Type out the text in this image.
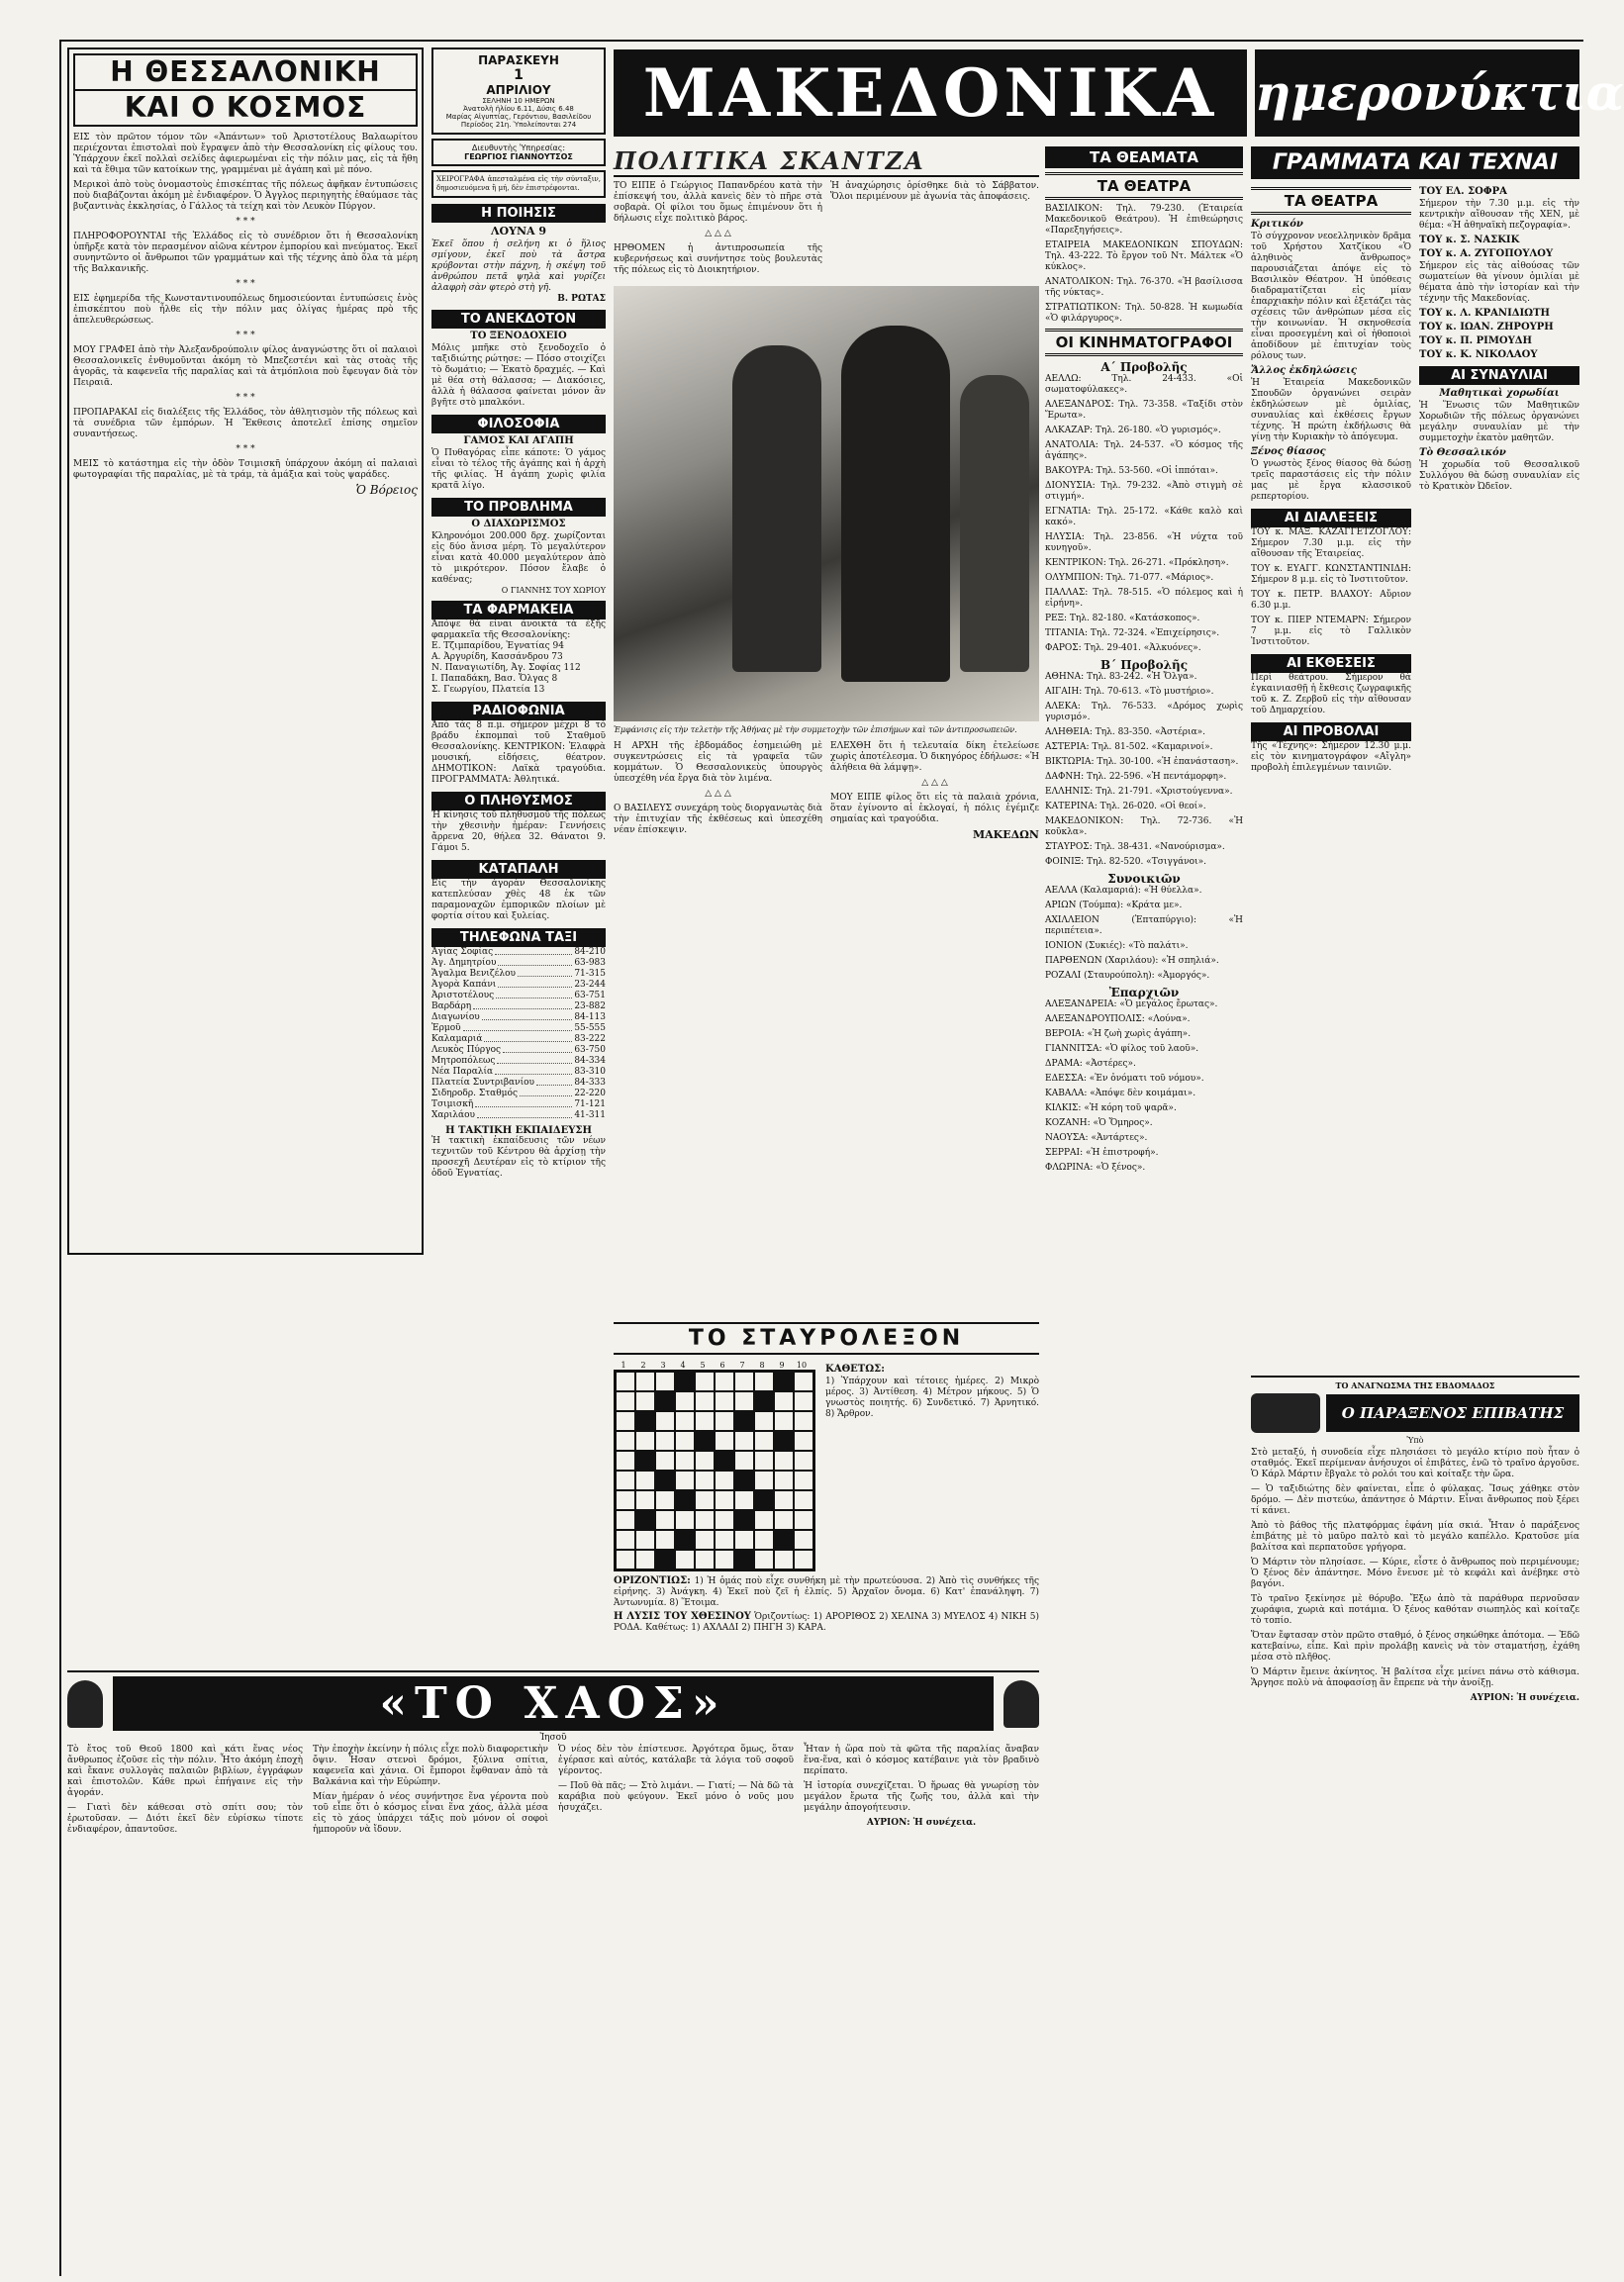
Η ΘΕΣΣΑΛΟΝΙΚΗ
ΚΑΙ Ο ΚΟΣΜΟΣ

ΕΙΣ τὸν πρῶτον τόμον τῶν «Ἀπάντων» τοῦ Ἀριστοτέλους Βαλαωρίτου περιέχονται ἐπιστολαὶ ποὺ ἔγραψεν ἀπὸ τὴν Θεσσαλονίκη εἰς φίλους του. Ὑπάρχουν ἐκεῖ πολλαὶ σελίδες ἀφιερωμέναι εἰς τὴν πόλιν μας, εἰς τὰ ἤθη καὶ τὰ ἔθιμα τῶν κατοίκων της, γραμμέναι μὲ ἀγάπη καὶ μὲ πόνο.

Μερικοὶ ἀπὸ τοὺς ὀνομαστοὺς ἐπισκέπτας τῆς πόλεως ἀφῆκαν ἐντυπώσεις ποὺ διαβάζονται ἀκόμη μὲ ἐνδιαφέρον. Ὁ Ἀγγλος περιηγητὴς ἐθαύμασε τὰς βυζαντινὰς ἐκκλησίας, ὁ Γάλλος τὰ τείχη καὶ τὸν Λευκὸν Πύργον.

* * *

ΠΛΗΡΟΦΟΡΟΥΝΤΑΙ τῆς Ἑλλάδος εἰς τὸ συνέδριον ὅτι ἡ Θεσσαλονίκη ὑπῆρξε κατὰ τὸν περασμένον αἰῶνα κέντρον ἐμπορίου καὶ πνεύματος. Ἐκεῖ συνηντῶντο οἱ ἄνθρωποι τῶν γραμμάτων καὶ τῆς τέχνης ἀπὸ ὅλα τὰ μέρη τῆς Βαλκανικῆς.

* * *

ΕΙΣ ἐφημερίδα τῆς Κωνσταντινουπόλεως δημοσιεύονται ἐντυπώσεις ἑνὸς ἐπισκέπτου ποὺ ἦλθε εἰς τὴν πόλιν μας ὀλίγας ἡμέρας πρὸ τῆς ἀπελευθερώσεως.

* * *

ΜΟΥ ΓΡΑΦΕΙ ἀπὸ τὴν Ἀλεξανδρούπολιν φίλος ἀναγνώστης ὅτι οἱ παλαιοὶ Θεσσαλονικεῖς ἐνθυμοῦνται ἀκόμη τὸ Μπεζεστένι καὶ τὰς στοὰς τῆς ἀγορᾶς, τὰ καφενεῖα τῆς παραλίας καὶ τὰ ἀτμόπλοια ποὺ ἔφευγαν διὰ τὸν Πειραιᾶ.

* * *

ΠΡΟΠΑΡΑΚΑΙ εἰς διαλέξεις τῆς Ἑλλάδος, τὸν ἀθλητισμὸν τῆς πόλεως καὶ τὰ συνέδρια τῶν ἐμπόρων. Ἡ Ἔκθεσις ἀποτελεῖ ἐπίσης σημεῖον συναντήσεως.

* * *

ΜΕΙΣ τὸ κατάστημα εἰς τὴν ὁδὸν Τσιμισκῆ ὑπάρχουν ἀκόμη αἱ παλαιαὶ φωτογραφίαι τῆς παραλίας, μὲ τὰ τράμ, τὰ ἁμάξια καὶ τοὺς ψαράδες.

Ὁ Βόρειος

ΠΑΡΑΣΚΕΥΗ
1
ΑΠΡΙΛΙΟΥ
ΣΕΛΗΝΗ 10 ΗΜΕΡΩΝ
Ἀνατολὴ ἡλίου 6.11, Δύσις 6.48
Μαρίας Αἰγυπτίας, Γερόντιου, Βασιλείδου
Περίοδος 21η. Ὑπολείπονται 274
Διευθυντὴς Ὑπηρεσίας:
ΓΕΩΡΓΙΟΣ ΓΙΑΝΝΟΥΤΣΟΣ
ΧΕΙΡΟΓΡΑΦΑ ἀπεσταλμένα εἰς τὴν σύνταξιν, δημοσιευόμενα ἢ μή, δὲν ἐπιστρέφονται.
Η ΠΟΙΗΣΙΣ
ΛΟΥΝΑ 9
Ἐκεῖ ὅπου ἡ σελήνη κι ὁ ἥλιος σμίγουν, ἐκεῖ ποὺ τὰ ἄστρα κρύβονται στὴν πάχνη, ἡ σκέψη τοῦ ἀνθρώπου πετᾶ ψηλὰ καὶ γυρίζει ἀλαφρὴ σὰν φτερὸ στὴ γῆ.
Β. ΡΩΤΑΣ
ΤΟ ΑΝΕΚΔΟΤΟΝ
ΤΟ ΞΕΝΟΔΟΧΕΙΟ
Μόλις μπῆκε στὸ ξενοδοχεῖο ὁ ταξιδιώτης ρώτησε: — Πόσο στοιχίζει τὸ δωμάτιο; — Ἐκατὸ δραχμές. — Καὶ μὲ θέα στὴ θάλασσα; — Διακόσιες, ἀλλὰ ἡ θάλασσα φαίνεται μόνον ἂν βγῆτε στὸ μπαλκόνι.
ΦΙΛΟΣΟΦΙΑ
ΓΑΜΟΣ ΚΑΙ ΑΓΑΠΗ
Ὁ Πυθαγόρας εἶπε κάποτε: Ὁ γάμος εἶναι τὸ τέλος τῆς ἀγάπης καὶ ἡ ἀρχὴ τῆς φιλίας. Ἡ ἀγάπη χωρὶς φιλία κρατᾶ λίγο.
ΤΟ ΠΡΟΒΛΗΜΑ
Ο ΔΙΑΧΩΡΙΣΜΟΣ
Κληρονόμοι 200.000 δρχ. χωρίζονται εἰς δύο ἄνισα μέρη. Τὸ μεγαλύτερον εἶναι κατὰ 40.000 μεγαλύτερον ἀπὸ τὸ μικρότερον. Πόσον ἔλαβε ὁ καθένας;
Ο ΓΙΑΝΝΗΣ ΤΟΥ ΧΩΡΙΟΥ
ΤΑ ΦΑΡΜΑΚΕΙΑ
Ἀπόψε θὰ εἶναι ἀνοικτὰ τὰ ἑξῆς φαρμακεῖα τῆς Θεσσαλονίκης:
Ε. Τζιμπαρίδου, Ἐγνατίας 94
Α. Ἀργυρίδη, Κασσάνδρου 73
Ν. Παναγιωτίδη, Ἀγ. Σοφίας 112
Ι. Παπαδάκη, Βασ. Ὄλγας 8
Σ. Γεωργίου, Πλατεία 13
ΡΑΔΙΟΦΩΝΙΑ
Ἀπὸ τὰς 8 π.μ. σήμερον μέχρι 8 τὸ βράδυ ἐκπομπαὶ τοῦ Σταθμοῦ Θεσσαλονίκης. ΚΕΝΤΡΙΚΟΝ: Ἐλαφρὰ μουσική, εἰδήσεις, θέατρον. ΔΗΜΟΤΙΚΟΝ: Λαϊκὰ τραγούδια. ΠΡΟΓΡΑΜΜΑΤΑ: Ἀθλητικά.
Ο ΠΛΗΘΥΣΜΟΣ
Ἡ κίνησις τοῦ πληθυσμοῦ τῆς πόλεως τὴν χθεσινὴν ἡμέραν: Γεννήσεις ἄρρενα 20, θήλεα 32. Θάνατοι 9. Γάμοι 5.
ΚΑΤΑΠΑΛΗ
Εἰς τὴν ἀγορὰν Θεσσαλονίκης κατεπλεύσαν χθὲς 48 ἐκ τῶν παραμοναχῶν ἐμπορικῶν πλοίων μὲ φορτία σίτου καὶ ξυλείας.
ΤΗΛΕΦΩΝΑ ΤΑΞΙ
Ἀγίας Σοφίας	84-210
Ἀγ. Δημητρίου	63-983
Ἄγαλμα Βενιζέλου	71-315
Ἀγορὰ Καπάνι	23-244
Ἀριστοτέλους	63-751
Βαρδάρη	23-882
Διαγωνίου	84-113
Ἑρμοῦ	55-555
Καλαμαριά	83-222
Λευκὸς Πύργος	63-750
Μητροπόλεως	84-334
Νέα Παραλία	83-310
Πλατεία Συντριβανίου	84-333
Σιδηροδρ. Σταθμός	22-220
Τσιμισκῆ	71-121
Χαριλάου	41-311
Η ΤΑΚΤΙΚΗ ΕΚΠΑΙΔΕΥΣΗ
Ἡ τακτικὴ ἐκπαίδευσις τῶν νέων τεχνιτῶν τοῦ Κέντρου θὰ ἀρχίσῃ τὴν προσεχῆ Δευτέραν εἰς τὸ κτίριον τῆς ὁδοῦ Ἐγνατίας.
ΜΑΚΕΔΟΝΙΚΑ ημερονύκτια
ΠΟΛΙΤΙΚΑ ΣΚΑΝΤΖΑ

ΤΟ ΕΙΠΕ ὁ Γεώργιος Παπανδρέου κατὰ τὴν ἐπίσκεψή του, ἀλλὰ κανεὶς δὲν τὸ πῆρε στὰ σοβαρὰ. Οἱ φίλοι του ὅμως ἐπιμένουν ὅτι ἡ δήλωσις εἶχε πολιτικὸ βάρος.

△ △ △

ΗΡΘΟΜΕΝ ἡ ἀντιπροσωπεία τῆς κυβερνήσεως καὶ συνήντησε τοὺς βουλευτὰς τῆς πόλεως εἰς τὸ Διοικητήριον.

Ἡ ἀναχώρησις ὁρίσθηκε διὰ τὸ Σάββατον. Ὅλοι περιμένουν μὲ ἀγωνία τὰς ἀποφάσεις.

Ἐμφάνισις εἰς τὴν τελετὴν τῆς Ἀθήνας μὲ τὴν συμμετοχὴν τῶν ἐπισήμων καὶ τῶν ἀντιπροσωπειῶν.

Η ΑΡΧΗ τῆς ἑβδομάδος ἐσημειώθη μὲ συγκεντρώσεις εἰς τὰ γραφεῖα τῶν κομμάτων. Ὁ Θεσσαλονικεὺς ὑπουργὸς ὑπεσχέθη νέα ἔργα διὰ τὸν λιμένα.

△ △ △

Ο ΒΑΣΙΛΕΥΣ συνεχάρη τοὺς διοργανωτὰς διὰ τὴν ἐπιτυχίαν τῆς ἐκθέσεως καὶ ὑπεσχέθη νέαν ἐπίσκεψιν.

ΕΛΕΧΘΗ ὅτι ἡ τελευταία δίκη ἐτελείωσε χωρὶς ἀποτέλεσμα. Ὁ δικηγόρος ἐδήλωσε: «Ἡ ἀλήθεια θὰ λάμψῃ».

△ △ △

ΜΟΥ ΕΙΠΕ φίλος ὅτι εἰς τὰ παλαιὰ χρόνια, ὅταν ἐγίνοντο αἱ ἐκλογαί, ἡ πόλις ἐγέμιζε σημαίας καὶ τραγούδια.

ΜΑΚΕΔΩΝ

ΤΑ ΘΕΑΜΑΤΑ
ΤΑ ΘΕΑΤΡΑ

ΒΑΣΙΛΙΚΟΝ: Τηλ. 79-230. (Ἑταιρεία Μακεδονικοῦ Θεάτρου). Ἡ ἐπιθεώρησις «Παρεξηγήσεις».

ΕΤΑΙΡΕΙΑ ΜΑΚΕΔΟΝΙΚΩΝ ΣΠΟΥΔΩΝ: Τηλ. 43-222. Τὸ ἔργον τοῦ Ντ. Μάλτεκ «Ὁ κύκλος».

ΑΝΑΤΟΛΙΚΟΝ: Τηλ. 76-370. «Ἡ βασίλισσα τῆς νύκτας».

ΣΤΡΑΤΙΩΤΙΚΟΝ: Τηλ. 50-828. Ἡ κωμωδία «Ὁ φιλάργυρος».

ΟΙ ΚΙΝΗΜΑΤΟΓΡΑΦΟΙ
Α΄ Προβολῆς

ΑΕΛΛΩ: Τηλ. 24-433. «Οἱ σωματοφύλακες».

ΑΛΕΞΑΝΔΡΟΣ: Τηλ. 73-358. «Ταξίδι στὸν Ἔρωτα».

ΑΛΚΑΖΑΡ: Τηλ. 26-180. «Ὁ γυρισμός».

ΑΝΑΤΟΛΙΑ: Τηλ. 24-537. «Ὁ κόσμος τῆς ἀγάπης».

ΒΑΚΟΥΡΑ: Τηλ. 53-560. «Οἱ ἱππόται».

ΔΙΟΝΥΣΙΑ: Τηλ. 79-232. «Ἀπὸ στιγμὴ σὲ στιγμή».

ΕΓΝΑΤΙΑ: Τηλ. 25-172. «Κάθε καλὸ καὶ κακό».

ΗΛΥΣΙΑ: Τηλ. 23-856. «Ἡ νύχτα τοῦ κυνηγοῦ».

ΚΕΝΤΡΙΚΟΝ: Τηλ. 26-271. «Πρόκληση».

ΟΛΥΜΠΙΟΝ: Τηλ. 71-077. «Μάριος».

ΠΑΛΛΑΣ: Τηλ. 78-515. «Ὁ πόλεμος καὶ ἡ εἰρήνη».

ΡΕΞ: Τηλ. 82-180. «Κατάσκοπος».

ΤΙΤΑΝΙΑ: Τηλ. 72-324. «Ἐπιχείρησις».

ΦΑΡΟΣ: Τηλ. 29-401. «Ἀλκυόνες».

Β΄ Προβολῆς

ΑΘΗΝΑ: Τηλ. 83-242. «Ἡ Ὄλγα».

ΑΙΓΑΙΗ: Τηλ. 70-613. «Τὸ μυστήριο».

ΑΛΕΚΑ: Τηλ. 76-533. «Δρόμος χωρὶς γυρισμό».

ΑΛΗΘΕΙΑ: Τηλ. 83-350. «Ἀστέρια».

ΑΣΤΕΡΙΑ: Τηλ. 81-502. «Καμαρινοί».

ΒΙΚΤΩΡΙΑ: Τηλ. 30-100. «Ἡ ἐπανάσταση».

ΔΑΦΝΗ: Τηλ. 22-596. «Ἡ πεντάμορφη».

ΕΛΛΗΝΙΣ: Τηλ. 21-791. «Χριστούγεννα».

ΚΑΤΕΡΙΝΑ: Τηλ. 26-020. «Οἱ θεοί».

ΜΑΚΕΔΟΝΙΚΟΝ: Τηλ. 72-736. «Ἡ κοῦκλα».

ΣΤΑΥΡΟΣ: Τηλ. 38-431. «Νανούρισμα».

ΦΟΙΝΙΞ: Τηλ. 82-520. «Τσιγγάνοι».

Συνοικιῶν

ΑΕΛΛΑ (Καλαμαριά): «Ἡ θύελλα».

ΑΡΙΩΝ (Τούμπα): «Κράτα με».

ΑΧΙΛΛΕΙΟΝ (Ἐπταπύργιο): «Ἡ περιπέτεια».

ΙΟΝΙΟΝ (Συκιές): «Τὸ παλάτι».

ΠΑΡΘΕΝΩΝ (Χαριλάου): «Ἡ σπηλιά».

ΡΟΖΑΛΙ (Σταυρούπολη): «Ἀμοργός».

Ἐπαρχιῶν

ΑΛΕΞΑΝΔΡΕΙΑ: «Ὁ μεγάλος ἔρωτας».

ΑΛΕΞΑΝΔΡΟΥΠΟΛΙΣ: «Λούνα».

ΒΕΡΟΙΑ: «Ἡ ζωὴ χωρὶς ἀγάπη».

ΓΙΑΝΝΙΤΣΑ: «Ὁ φίλος τοῦ λαοῦ».

ΔΡΑΜΑ: «Ἀστέρες».

ΕΔΕΣΣΑ: «Ἐν ὀνόματι τοῦ νόμου».

ΚΑΒΑΛΑ: «Ἀπόψε δὲν κοιμάμαι».

ΚΙΛΚΙΣ: «Ἡ κόρη τοῦ ψαρᾶ».

ΚΟΖΑΝΗ: «Ὁ Ὅμηρος».

ΝΑΟΥΣΑ: «Ἀντάρτες».

ΣΕΡΡΑΙ: «Ἡ ἐπιστροφή».

ΦΛΩΡΙΝΑ: «Ὁ ξένος».

ΓΡΑΜΜΑΤΑ ΚΑΙ ΤΕΧΝΑΙ
ΤΑ ΘΕΑΤΡΑ
Κριτικόν
Τὸ σύγχρονον νεοελληνικὸν δρᾶμα τοῦ Χρήστου Χατζίκου «Ὁ ἀληθινὸς ἄνθρωπος» παρουσιάζεται ἀπόψε εἰς τὸ Βασιλικὸν Θέατρον. Ἡ ὑπόθεσις διαδραματίζεται εἰς μίαν ἐπαρχιακὴν πόλιν καὶ ἐξετάζει τὰς σχέσεις τῶν ἀνθρώπων μέσα εἰς τὴν κοινωνίαν. Ἡ σκηνοθεσία εἶναι προσεγμένη καὶ οἱ ἠθοποιοὶ ἀποδίδουν μὲ ἐπιτυχίαν τοὺς ρόλους των.
Ἄλλος ἐκδηλώσεις
Ἡ Ἑταιρεία Μακεδονικῶν Σπουδῶν ὀργανώνει σειρὰν ἐκδηλώσεων μὲ ὁμιλίας, συναυλίας καὶ ἐκθέσεις ἔργων τέχνης. Ἡ πρώτη ἐκδήλωσις θὰ γίνῃ τὴν Κυριακὴν τὸ ἀπόγευμα.
Ξένος θίασος
Ὁ γνωστὸς ξένος θίασος θὰ δώσῃ τρεῖς παραστάσεις εἰς τὴν πόλιν μας μὲ ἔργα κλασσικοῦ ρεπερτορίου.
ΑΙ ΔΙΑΛΕΞΕΙΣ

ΤΟΥ κ. ΜΑΞ. ΚΑΖΑΓΓΕΤΖΟΓΛΟΥ: Σήμερον 7.30 μ.μ. εἰς τὴν αἴθουσαν τῆς Ἑταιρείας.

ΤΟΥ κ. ΕΥΑΓΓ. ΚΩΝΣΤΑΝΤΙΝΙΔΗ: Σήμερον 8 μ.μ. εἰς τὸ Ἰνστιτοῦτον.

ΤΟΥ κ. ΠΕΤΡ. ΒΛΑΧΟΥ: Αὔριον 6.30 μ.μ.

ΤΟΥ κ. ΠΙΕΡ ΝΤΕΜΑΡΝ: Σήμερον 7 μ.μ. εἰς τὸ Γαλλικὸν Ἰνστιτοῦτον.

ΑΙ ΕΚΘΕΣΕΙΣ
Περὶ θεάτρου. Σήμερον θὰ ἐγκαινιασθῇ ἡ ἔκθεσις ζωγραφικῆς τοῦ κ. Ζ. Ζερβοῦ εἰς τὴν αἴθουσαν τοῦ Δημαρχείου.
ΑΙ ΠΡΟΒΟΛΑΙ
Τῆς «Τέχνης»: Σήμερον 12.30 μ.μ. εἰς τὸν κινηματογράφον «Αἴγλη» προβολὴ ἐπιλεγμένων ταινιῶν.
ΤΟΥ ΕΛ. ΣΟΦΡΑ
Σήμερον τὴν 7.30 μ.μ. εἰς τὴν κεντρικὴν αἴθουσαν τῆς ΧΕΝ, μὲ θέμα: «Ἡ ἀθηναϊκὴ πεζογραφία».
ΤΟΥ κ. Σ. ΝΑΣΚΙΚ
ΤΟΥ κ. Α. ΖΥΓΟΠΟΥΛΟΥ
Σήμερον εἰς τὰς αἰθούσας τῶν σωματείων θὰ γίνουν ὁμιλίαι μὲ θέματα ἀπὸ τὴν ἱστορίαν καὶ τὴν τέχνην τῆς Μακεδονίας.
ΤΟΥ κ. Λ. ΚΡΑΝΙΔΙΩΤΗ
ΤΟΥ κ. ΙΩΑΝ. ΖΗΡΟΥΡΗ
ΤΟΥ κ. Π. ΡΙΜΟΥΔΗ
ΤΟΥ κ. Κ. ΝΙΚΟΛΑΟΥ
ΑΙ ΣΥΝΑΥΛΙΑΙ
Μαθητικαὶ χορωδίαι
Ἡ Ἕνωσις τῶν Μαθητικῶν Χορωδιῶν τῆς πόλεως ὀργανώνει μεγάλην συναυλίαν μὲ τὴν συμμετοχὴν ἑκατὸν μαθητῶν.
Τὸ Θεσσαλικόν
Ἡ χορωδία τοῦ Θεσσαλικοῦ Συλλόγου θὰ δώσῃ συναυλίαν εἰς τὸ Κρατικὸν Ὠδεῖον.
ΤΟ ΣΤΑΥΡΟΛΕΞΟΝ
1	2	3	4	5	6	7	8	9	10	ΚΑΘΕΤΩΣ:
1) Ὑπάρχουν καὶ τέτοιες ἡμέρες. 2) Μικρὸ μέρος. 3) Ἀντίθεση. 4) Μέτρον μήκους. 5) Ὁ γνωστὸς ποιητής. 6) Συνδετικό. 7) Ἀρνητικό. 8) Ἄρθρον.
ΟΡΙΖΟΝΤΙΩΣ: 1) Ἡ ὁμάς ποὺ εἶχε συνθήκη μὲ τὴν πρωτεύουσα. 2) Ἀπὸ τὶς συνθήκες τῆς εἰρήνης. 3) Ἀνάγκη. 4) Ἐκεῖ ποὺ ζεῖ ἡ ἐλπίς. 5) Ἀρχαῖον ὄνομα. 6) Κατ' ἐπανάληψη. 7) Ἀντωνυμία. 8) Ἕτοιμα.
Η ΛΥΣΙΣ ΤΟΥ ΧΘΕΣΙΝΟΥ Ὁριζοντίως: 1) ΑΡΟΡΙΘΟΣ 2) ΧΕΛΙΝΑ 3) ΜΥΕΛΟΣ 4) ΝΙΚΗ 5) ΡΟΔΑ. Καθέτως: 1) ΑΧΛΑΔΙ 2) ΠΗΓΗ 3) ΚΑΡΑ.
«ΤΟ ΧΑΟΣ»
Ἰησοῦ

Τὸ ἔτος τοῦ Θεοῦ 1800 καὶ κάτι ἕνας νέος ἄνθρωπος ἐζοῦσε εἰς τὴν πόλιν. Ἦτο ἀκόμη ἐποχὴ καὶ ἔκανε συλλογὰς παλαιῶν βιβλίων, ἐγγράφων καὶ ἐπιστολῶν. Κάθε πρωὶ ἐπήγαινε εἰς τὴν ἀγοράν.

— Γιατὶ δὲν κάθεσαι στὸ σπίτι σου; τὸν ἐρωτοῦσαν. — Διότι ἐκεῖ δὲν εὑρίσκω τίποτε ἐνδιαφέρον, ἀπαντοῦσε.

Τὴν ἐποχὴν ἐκείνην ἡ πόλις εἶχε πολὺ διαφορετικὴν ὄψιν. Ἦσαν στενοὶ δρόμοι, ξύλινα σπίτια, καφενεῖα καὶ χάνια. Οἱ ἔμποροι ἔφθαναν ἀπὸ τὰ Βαλκάνια καὶ τὴν Εὐρώπην.

Μίαν ἡμέραν ὁ νέος συνήντησε ἕνα γέροντα ποὺ τοῦ εἶπε ὅτι ὁ κόσμος εἶναι ἕνα χάος, ἀλλὰ μέσα εἰς τὸ χάος ὑπάρχει τάξις ποὺ μόνον οἱ σοφοὶ ἠμποροῦν νὰ ἴδουν.

Ὁ νέος δὲν τὸν ἐπίστευσε. Ἀργότερα ὅμως, ὅταν ἐγέρασε καὶ αὐτός, κατάλαβε τὰ λόγια τοῦ σοφοῦ γέροντος.

— Ποῦ θὰ πᾶς; — Στὸ λιμάνι. — Γιατί; — Νὰ δῶ τὰ καράβια ποὺ φεύγουν. Ἐκεῖ μόνο ὁ νοῦς μου ἡσυχάζει.

Ἦταν ἡ ὥρα ποὺ τὰ φῶτα τῆς παραλίας ἄναβαν ἕνα-ἕνα, καὶ ὁ κόσμος κατέβαινε γιὰ τὸν βραδινὸ περίπατο.

Ἡ ἱστορία συνεχίζεται. Ὁ ἥρωας θὰ γνωρίσῃ τὸν μεγάλον ἔρωτα τῆς ζωῆς του, ἀλλὰ καὶ τὴν μεγάλην ἀπογοήτευσιν.

ΑΥΡΙΟΝ: Ἡ συνέχεια.

ΤΟ ΑΝΑΓΝΩΣΜΑ ΤΗΣ ΕΒΔΟΜΑΔΟΣ
Ο ΠΑΡΑΞΕΝΟΣ ΕΠΙΒΑΤΗΣ
Ὑπὸ

Στὸ μεταξύ, ἡ συνοδεία εἶχε πλησιάσει τὸ μεγάλο κτίριο ποὺ ἦταν ὁ σταθμός. Ἐκεῖ περίμεναν ἀνήσυχοι οἱ ἐπιβάτες, ἐνῶ τὸ τραῖνο ἀργοῦσε. Ὁ Κάρλ Μάρτιν ἔβγαλε τὸ ρολόι του καὶ κοίταξε τὴν ὥρα.

— Ὁ ταξιδιώτης δὲν φαίνεται, εἶπε ὁ φύλακας. Ἴσως χάθηκε στὸν δρόμο. — Δὲν πιστεύω, ἀπάντησε ὁ Μάρτιν. Εἶναι ἄνθρωπος ποὺ ξέρει τί κάνει.

Ἀπὸ τὸ βάθος τῆς πλατφόρμας ἐφάνη μία σκιά. Ἦταν ὁ παράξενος ἐπιβάτης μὲ τὸ μαῦρο παλτὸ καὶ τὸ μεγάλο καπέλλο. Κρατοῦσε μία βαλίτσα καὶ περπατοῦσε γρήγορα.

Ὁ Μάρτιν τὸν πλησίασε. — Κύριε, εἶστε ὁ ἄνθρωπος ποὺ περιμένουμε; Ὁ ξένος δὲν ἀπάντησε. Μόνο ἔνευσε μὲ τὸ κεφάλι καὶ ἀνέβηκε στὸ βαγόνι.

Τὸ τραῖνο ξεκίνησε μὲ θόρυβο. Ἔξω ἀπὸ τὰ παράθυρα περνοῦσαν χωράφια, χωριὰ καὶ ποτάμια. Ὁ ξένος καθόταν σιωπηλὸς καὶ κοίταζε τὸ τοπίο.

Ὅταν ἔφτασαν στὸν πρῶτο σταθμό, ὁ ξένος σηκώθηκε ἀπότομα. — Ἐδῶ κατεβαίνω, εἶπε. Καὶ πρὶν προλάβῃ κανεὶς νὰ τὸν σταματήσῃ, ἐχάθη μέσα στὸ πλῆθος.

Ὁ Μάρτιν ἔμεινε ἀκίνητος. Ἡ βαλίτσα εἶχε μείνει πάνω στὸ κάθισμα. Ἄργησε πολὺ νὰ ἀποφασίσῃ ἂν ἔπρεπε νὰ τὴν ἀνοίξῃ.

ΑΥΡΙΟΝ: Ἡ συνέχεια.
